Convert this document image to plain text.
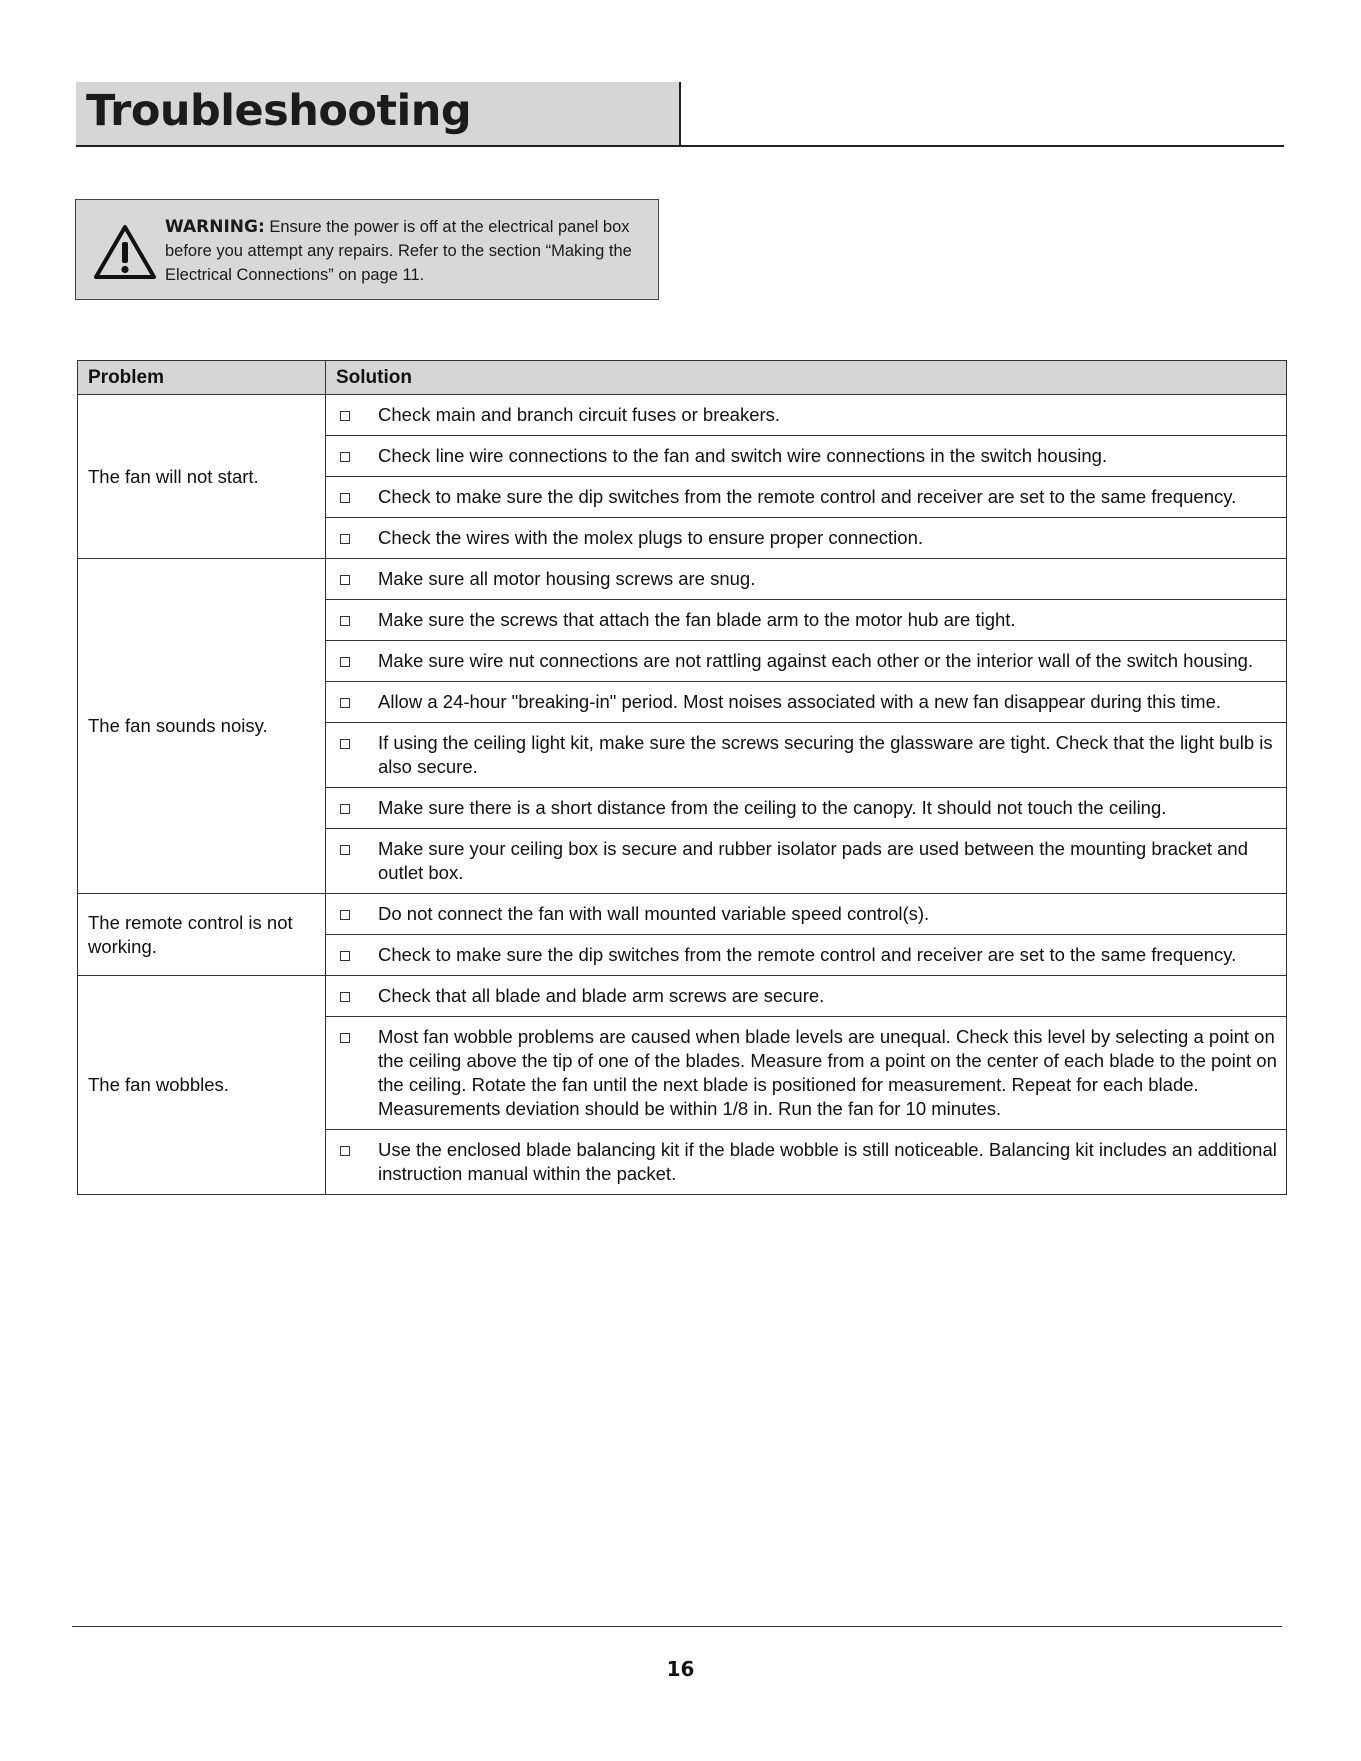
Troubleshooting
WARNING: Ensure the power is off at the electrical panel box before you attempt any repairs. Refer to the section “Making the Electrical Connections” on page 11.
Problem	Solution
The fan will not start.	Check main and branch circuit fuses or breakers.

	Check line wire connections to the fan and switch wire connections in the switch housing.

	Check to make sure the dip switches from the remote control and receiver are set to the same frequency.

	Check the wires with the molex plugs to ensure proper connection.

The fan sounds noisy.	Make sure all motor housing screws are snug.

	Make sure the screws that attach the fan blade arm to the motor hub are tight.

	Make sure wire nut connections are not rattling against each other or the interior wall of the switch housing.

	Allow a 24-hour "breaking-in" period. Most noises associated with a new fan disappear during this time.

	If using the ceiling light kit, make sure the screws securing the glassware are tight. Check that the light bulb is also secure.

	Make sure there is a short distance from the ceiling to the canopy. It should not touch the ceiling.

	Make sure your ceiling box is secure and rubber isolator pads are used between the mounting bracket and outlet box.

The remote control is not working.	Do not connect the fan with wall mounted variable speed control(s).

	Check to make sure the dip switches from the remote control and receiver are set to the same frequency.

The fan wobbles.	Check that all blade and blade arm screws are secure.

	Most fan wobble problems are caused when blade levels are unequal. Check this level by selecting a point on the ceiling above the tip of one of the blades. Measure from a point on the center of each blade to the point on the ceiling. Rotate the fan until the next blade is positioned for measurement. Repeat for each blade. Measurements deviation should be within 1/8 in. Run the fan for 10 minutes.

	Use the enclosed blade balancing kit if the blade wobble is still noticeable. Balancing kit includes an additional instruction manual within the packet.
16
